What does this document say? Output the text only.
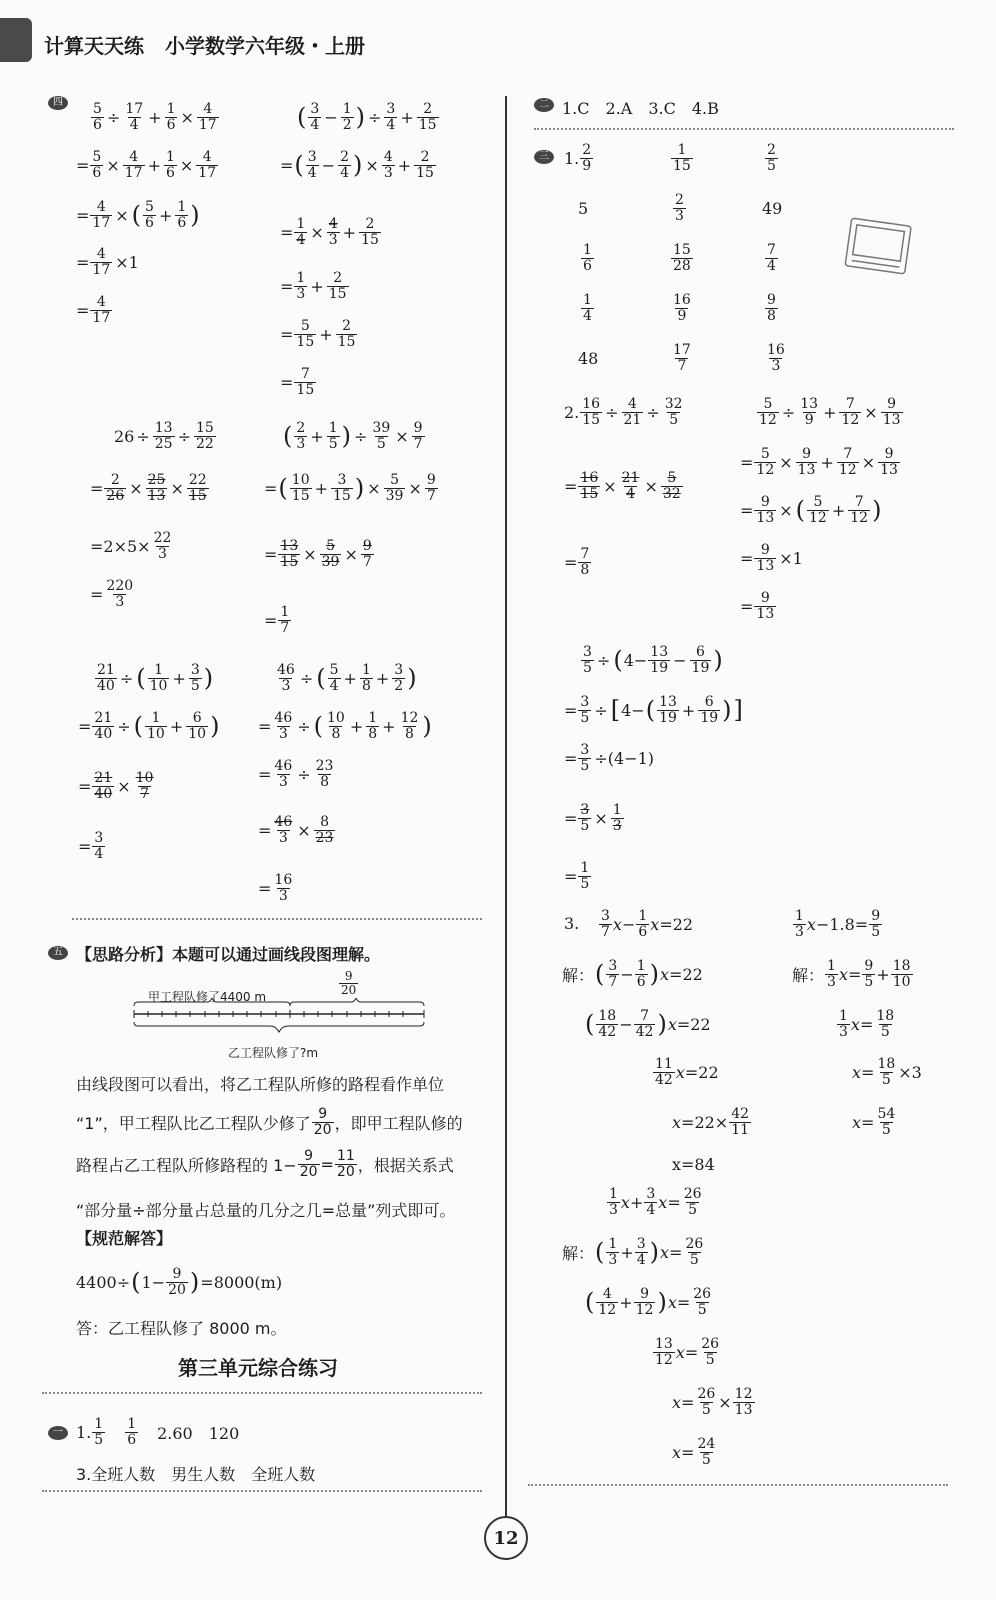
计算天天练 小学数学六年级・上册
四	$\frac{5}{6} \div \frac{17}{4} + \frac{1}{6} \times \frac{4}{17}$
= $\frac{5}{6} \times \frac{4}{17} + \frac{1}{6} \times \frac{4}{17}$
= $\frac{4}{17}$ × ( $\frac{5}{6} + \frac{1}{6}$ )
= $\frac{4}{17} \times 1$
= $\frac{4}{17}$
( $\frac{3}{4} - \frac{1}{2}$ ) ÷ $\frac{3}{4} + \frac{2}{15}$
= ( $\frac{3}{4} - \frac{2}{4}$ ) × $\frac{4}{3} + \frac{2}{15}$
= $\frac{1}{4} \times \frac{4}{3} + \frac{2}{15}$
= $\frac{1}{3} + \frac{2}{15}$
= $\frac{5}{15} + \frac{2}{15}$
= $\frac{7}{15}$
$26 \div \frac{13}{25} \div \frac{15}{22}$
= $\frac{2}{26} \times \frac{25}{13} \times \frac{22}{15}$
$=2\times 5\times \frac{22}{3}$
= $\frac{220}{3}$
( $\frac{2}{3} + \frac{1}{5}$ ) ÷ $\frac{39}{5} \times \frac{9}{7}$
= ( $\frac{10}{15} + \frac{3}{15}$ ) × $\frac{5}{39} \times \frac{9}{7}$
= $\frac{13}{15} \times \frac{5}{39} \times \frac{9}{7}$
= $\frac{1}{7}$
$\frac{21}{40}$ ÷ ( $\frac{1}{10} + \frac{3}{5}$ )
= $\frac{21}{40}$ ÷ ( $\frac{1}{10} + \frac{6}{10}$ )
= $\frac{21}{40} \times \frac{10}{7}$
= $\frac{3}{4}$
$\frac{46}{3}$ ÷ ( $\frac{5}{4} + \frac{1}{8} + \frac{3}{2}$ )
= $\frac{46}{3}$ ÷ ( $\frac{10}{8} + \frac{1}{8} + \frac{12}{8}$ )
= $\frac{46}{3} \div \frac{23}{8}$
= $\frac{46}{3} \times \frac{8}{23}$
= $\frac{16}{3}$
五 【思路分析】本题可以通过画线段图理解。
甲工程队修了4400 m
$\frac{9}{20}$
乙工程队修了?m
由线段图可以看出，将乙工程队所修的路程看作单位
“1”，甲工程队比乙工程队少修了 $\frac{9}{20}$ ，即甲工程队修的
路程占乙工程队所修路程的 $1- \frac{9}{20} = \frac{11}{20}$ ，根据关系式
“部分量÷部分量占总量的几分之几=总量”列式即可。
【规范解答】
4400÷ ( $1- \frac{9}{20}$ ) =8000(m)
答：乙工程队修了 8000 m。
第三单元综合练习
一 1. $\frac{1}{5} \frac{1}{6} 2.60$　120
3.全班人数　男生人数　全班人数
二 1.C　2.A　3.C　4.B
三 1. $\frac{2}{9}$	$\frac{1}{15}$	$\frac{2}{5}$
5	$\frac{2}{3}$	49
$\frac{1}{6}$	$\frac{15}{28}$	$\frac{7}{4}$
$\frac{1}{4}$	$\frac{16}{9}$	$\frac{9}{8}$
48	$\frac{17}{7}$	$\frac{16}{3}$
2. $\frac{16}{15} \div \frac{4}{21} \div \frac{32}{5}$
= $\frac{16}{15} \times \frac{21}{4} \times \frac{5}{32}$
= $\frac{7}{8}$
$\frac{5}{12} \div \frac{13}{9} + \frac{7}{12} \times \frac{9}{13}$
= $\frac{5}{12} \times \frac{9}{13} + \frac{7}{12} \times \frac{9}{13}$
= $\frac{9}{13}$ × ( $\frac{5}{12} + \frac{7}{12}$ )
= $\frac{9}{13} \times 1$
= $\frac{9}{13}$
$\frac{3}{5}$ ÷ ( $4- \frac{13}{19} - \frac{6}{19}$ )
= $\frac{3}{5}$ ÷ [ 4− ( $\frac{13}{19} + \frac{6}{19}$ ) ]
= $\frac{3}{5} \div(4-1)$
= $\frac{3}{5} \times \frac{1}{3}$
= $\frac{1}{5}$
3. $\frac{3}{7}$ $x - \frac{1}{6}$ x =22
解： ( $\frac{3}{7} - \frac{1}{6}$ ) x =22
( $\frac{18}{42} - \frac{7}{42}$ ) x =22
$\frac{11}{42}$ x =22
$x =22\times \frac{42}{11}$
x=84
$\frac{1}{3}$ $x -1.8= \frac{9}{5}$
解： $\frac{1}{3}$ $x = \frac{9}{5} + \frac{18}{10}$
$\frac{1}{3}$ $x = \frac{18}{5}$
$x = \frac{18}{5} \times 3$
$x = \frac{54}{5}$
$\frac{1}{3}$ $x + \frac{3}{4}$ $x = \frac{26}{5}$
解： ( $\frac{1}{3} + \frac{3}{4}$ ) $x = \frac{26}{5}$
( $\frac{4}{12} + \frac{9}{12}$ ) $x = \frac{26}{5}$
$\frac{13}{12}$ $x = \frac{26}{5}$
$x = \frac{26}{5} \times \frac{12}{13}$
$x = \frac{24}{5}$
12
